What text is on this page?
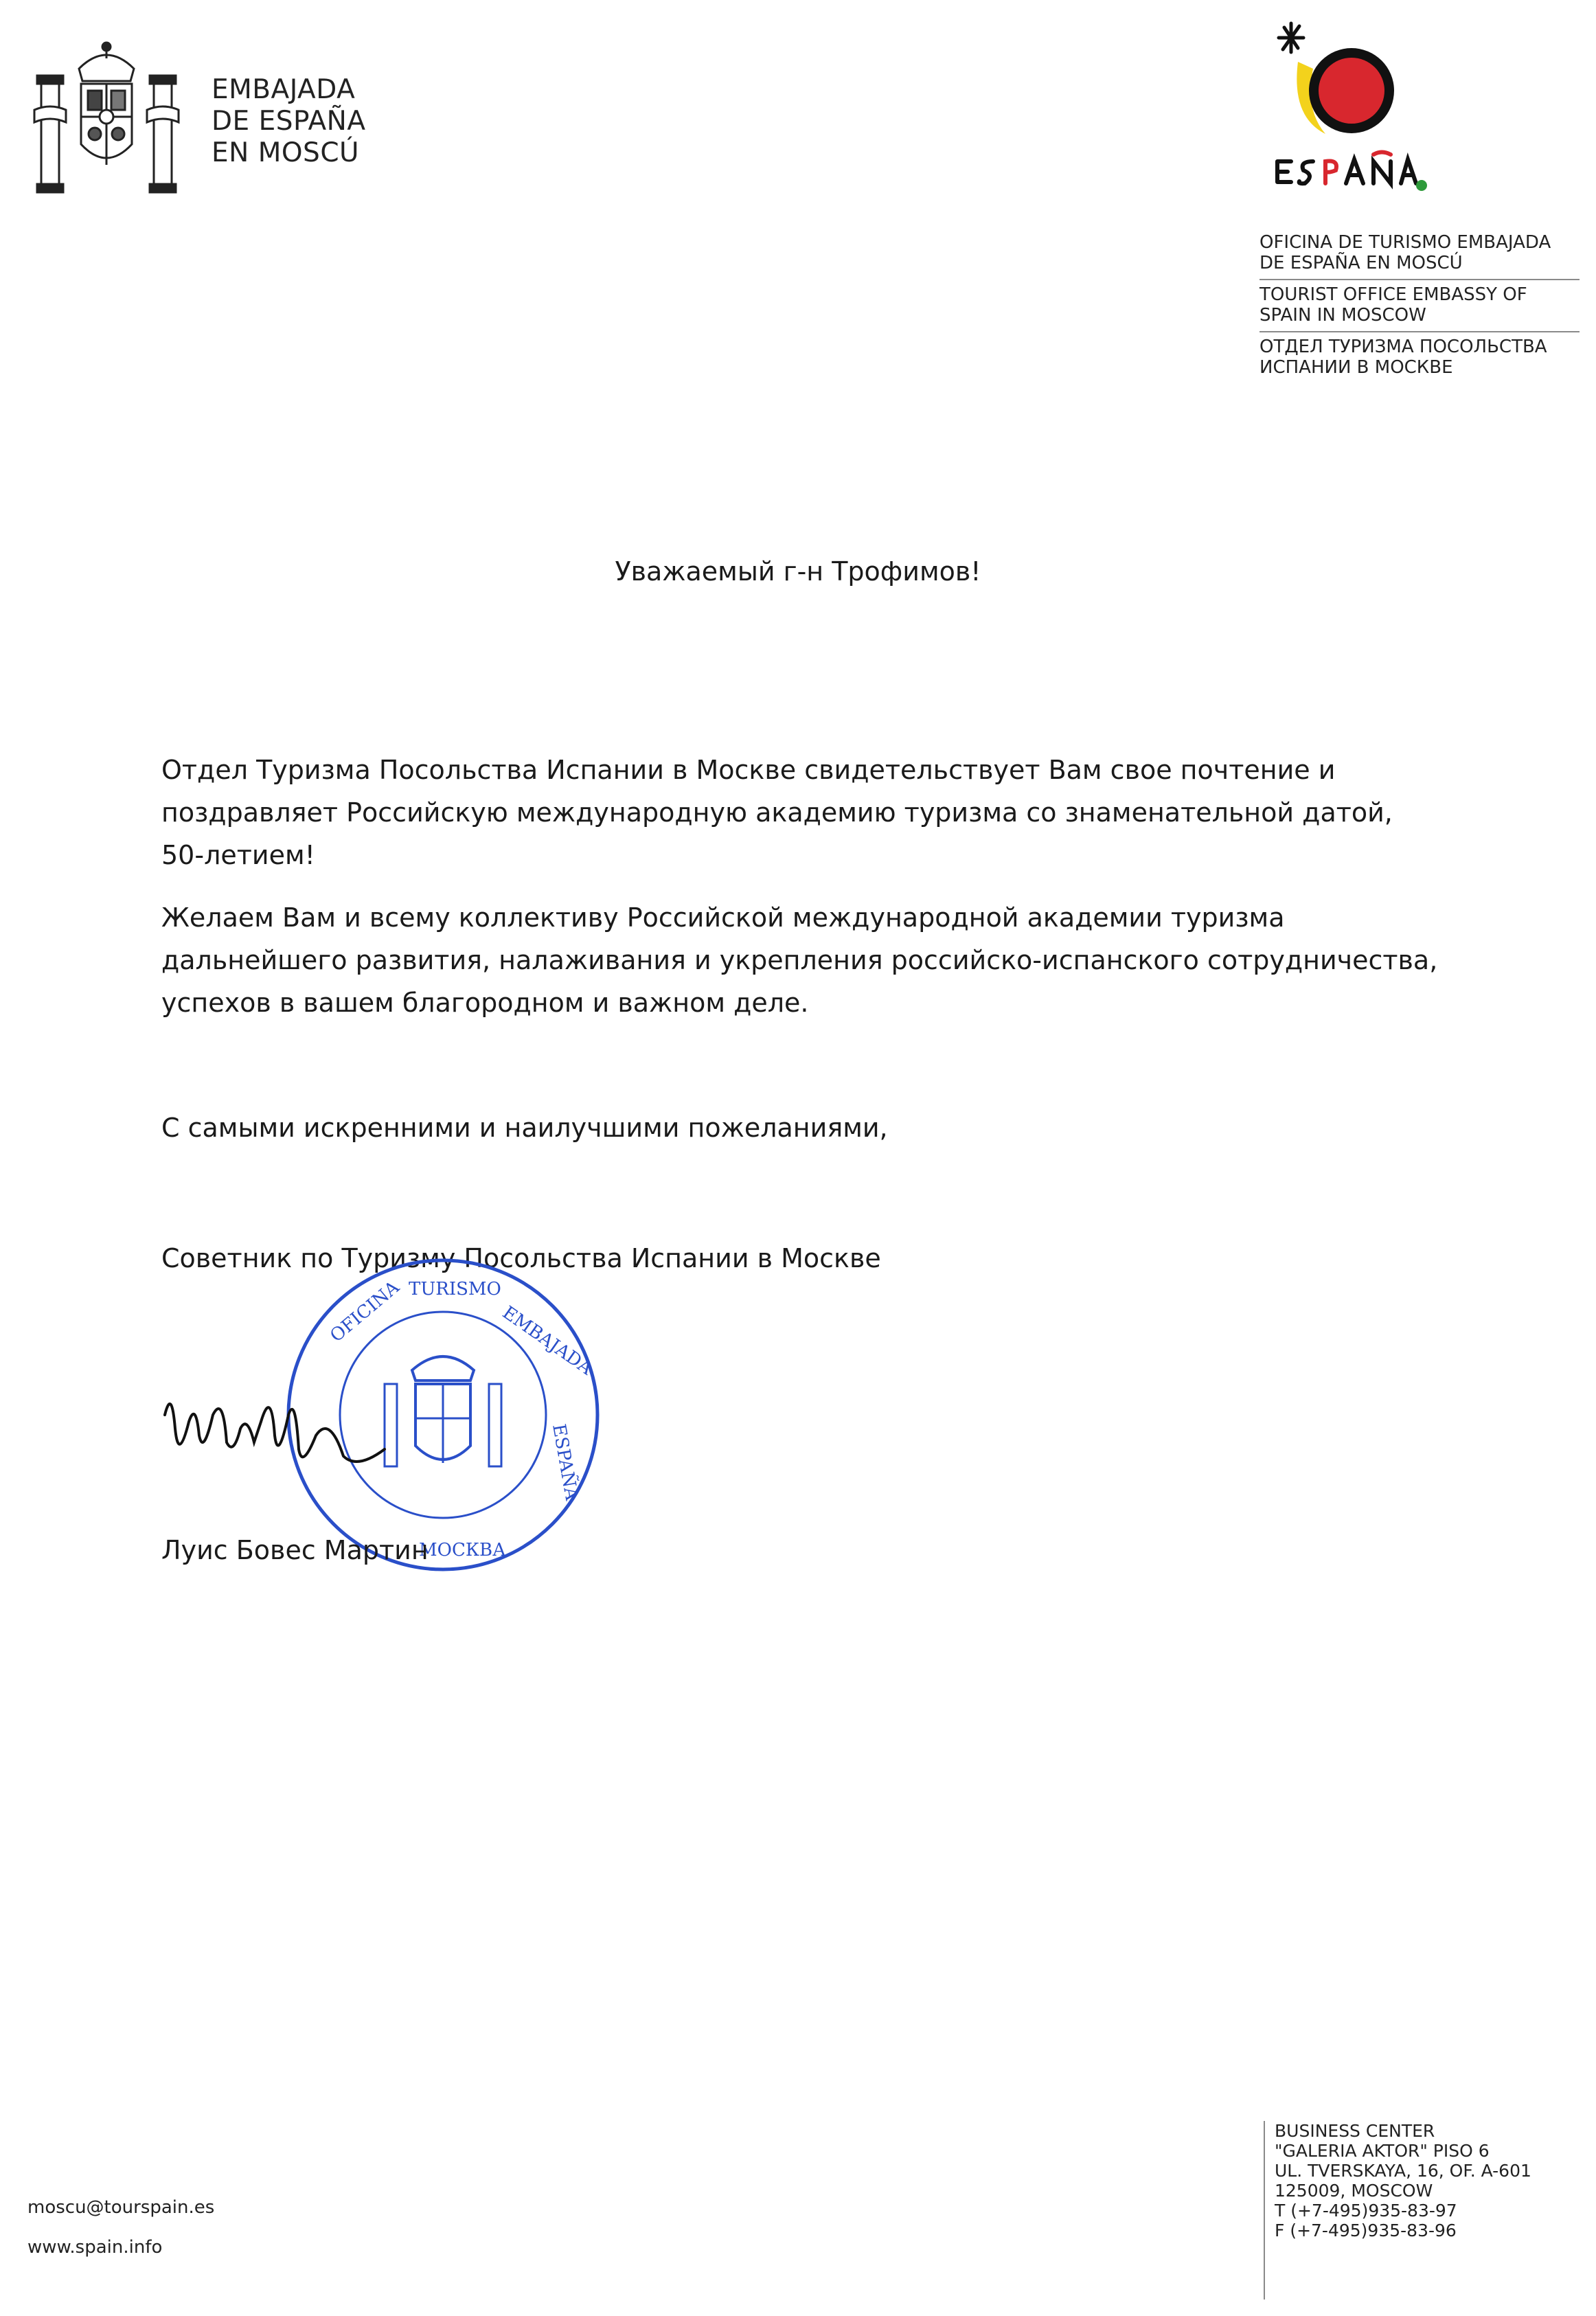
EMBAJADA
DE ESPAÑA
EN MOSCÚ
OFICINA DE TURISMO EMBAJADA
DE ESPAÑA EN MOSCÚ
TOURIST OFFICE EMBASSY OF
SPAIN IN MOSCOW
ОТДЕЛ ТУРИЗМА ПОСОЛЬСТВА
ИСПАНИИ В МОСКВЕ
Уважаемый г-н Трофимов!
Отдел Туризма Посольства Испании в Москве свидетельствует Вам свое почтение и
поздравляет Российскую международную академию туризма со знаменательной датой,
50-летием!
Желаем Вам и всему коллективу Российской международной академии туризма
дальнейшего развития, налаживания и укрепления российско-испанского сотрудничества,
успехов в вашем благородном и важном деле.
С самыми искренними и наилучшими пожеланиями,
Советник по Туризму Посольства Испании в Москве
OFICINA TURISMO
EMBAJADA
ESPAÑA
МОСКВА
Луис Бовес Мартин
moscu@tourspain.es
www.spain.info
BUSINESS CENTER
"GALERIA AKTOR" PISO 6
UL. TVERSKAYA, 16, OF. A-601
125009, MOSCOW
T (+7-495)935-83-97
F (+7-495)935-83-96
